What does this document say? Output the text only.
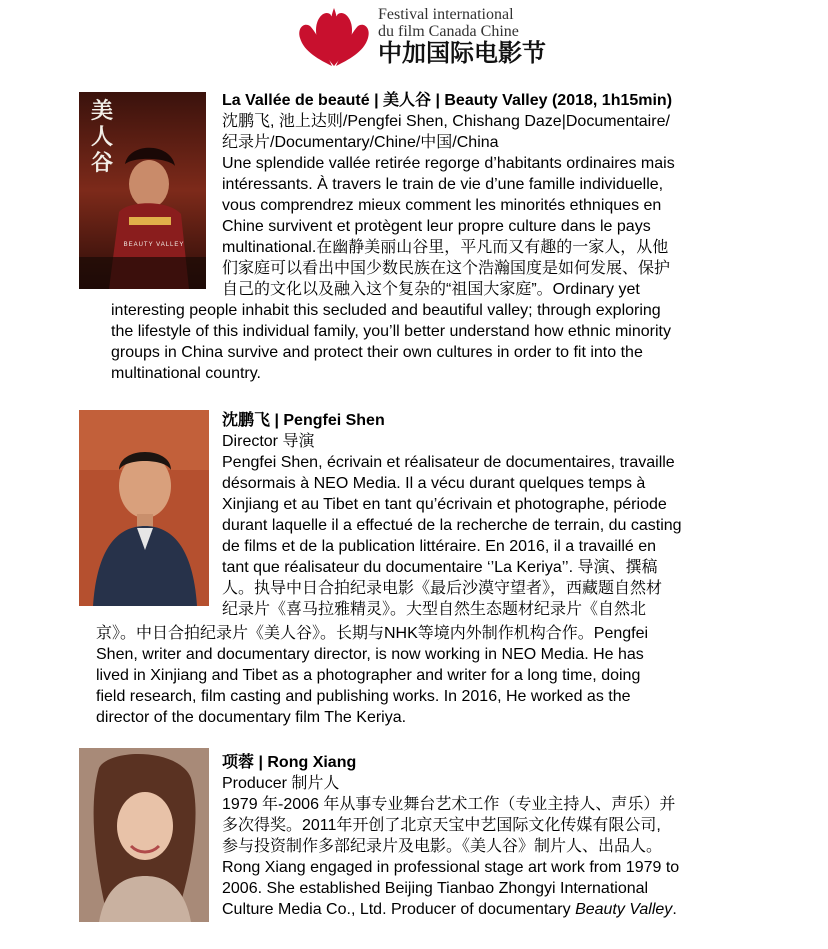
Festival international
du film Canada Chine
中加国际电影节
美人谷
BEAUTY VALLEY

La Vallée de beauté | 美人谷 | Beauty Valley (2018, 1h15min)

沈鹏飞, 池上达则/Pengfei Shen, Chishang Daze|Documentaire/

纪录片/Documentary/Chine/中国/China

Une splendide vallée retirée regorge d’habitants ordinaires mais

intéressants. À travers le train de vie d’une famille individuelle,

vous comprendrez mieux comment les minorités ethniques en

Chine survivent et protègent leur propre culture dans le pays

multinational.在幽静美丽山谷里，平凡而又有趣的一家人，从他

们家庭可以看出中国少数民族在这个浩瀚国度是如何发展、保护

自己的文化以及融入这个复杂的“祖国大家庭”。Ordinary yet

interesting people inhabit this secluded and beautiful valley; through exploring

the lifestyle of this individual family, you’ll better understand how ethnic minority

groups in China survive and protect their own cultures in order to fit into the

multinational country.

沈鹏飞 | Pengfei Shen

Director 导演

Pengfei Shen, écrivain et réalisateur de documentaires, travaille

désormais à NEO Media. Il a vécu durant quelques temps à

Xinjiang et au Tibet en tant qu’écrivain et photographe, période

durant laquelle il a effectué de la recherche de terrain, du casting

de films et de la publication littéraire. En 2016, il a travaillé en

tant que réalisateur du documentaire ‘’La Keriya’’. 导演、撰稿

人。执导中日合拍纪录电影《最后沙漠守望者》，西藏题自然材

纪录片《喜马拉雅精灵》。大型自然生态题材纪录片《自然北

京》。中日合拍纪录片《美人谷》。长期与NHK等境内外制作机构合作。Pengfei

Shen, writer and documentary director, is now working in NEO Media. He has

lived in Xinjiang and Tibet as a photographer and writer for a long time, doing

field research, film casting and publishing works. In 2016, He worked as the

director of the documentary film The Keriya.

项蓉 | Rong Xiang

Producer 制片人

1979 年-2006 年从事专业舞台艺术工作（专业主持人、声乐）并

多次得奖。2011年开创了北京天宝中艺国际文化传媒有限公司,

参与投资制作多部纪录片及电影。《美人谷》制片人、出品人。

Rong Xiang engaged in professional stage art work from 1979 to

2006. She established Beijing Tianbao Zhongyi International

Culture Media Co., Ltd. Producer of documentary Beauty Valley.
